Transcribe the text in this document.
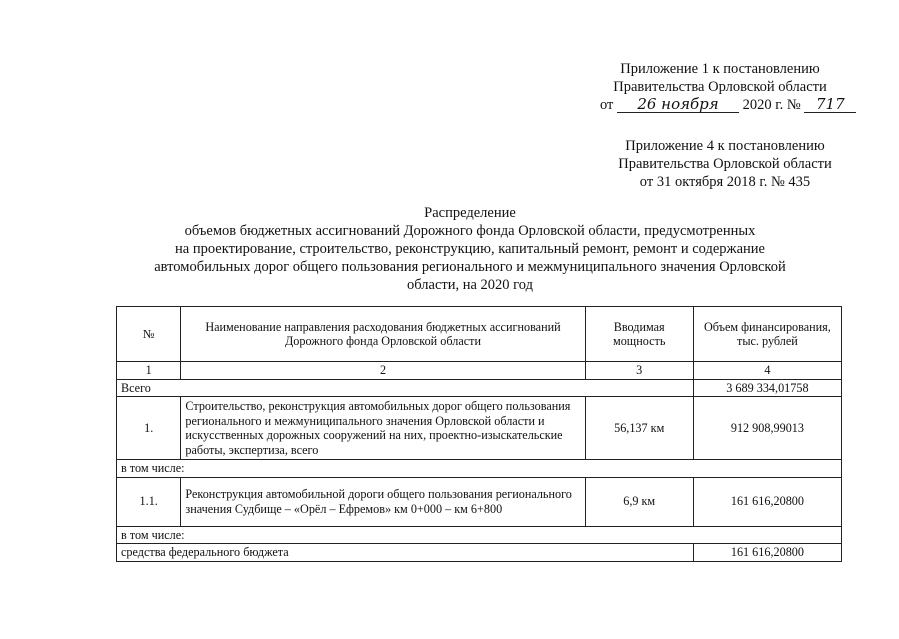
Приложение 1 к постановлению
Правительства Орловской области
от 26 ноября 2020 г. № 717
Приложение 4 к постановлению
Правительства Орловской области
от 31 октября 2018 г. № 435
Распределение
объемов бюджетных ассигнований Дорожного фонда Орловской области, предусмотренных
на проектирование, строительство, реконструкцию, капитальный ремонт, ремонт и содержание
автомобильных дорог общего пользования регионального и межмуниципального значения Орловской
области, на 2020 год
№	Наименование направления расходования бюджетных ассигнований Дорожного фонда Орловской области	Вводимая мощность	Объем финансирования, тыс. рублей
1	2	3	4
Всего			3 689 334,01758
1.	Строительство, реконструкция автомобильных дорог общего пользования регионального и межмуниципального значения Орловской области и искусственных дорожных сооружений на них, проектно-изыскательские работы, экспертиза, всего	56,137 км	912 908,99013
в том числе:			
1.1.	Реконструкция автомобильной дороги общего пользования регионального значения Судбище – «Орёл – Ефремов» км 0+000 – км 6+800	6,9 км	161 616,20800
в том числе:			
средства федерального бюджета			161 616,20800
